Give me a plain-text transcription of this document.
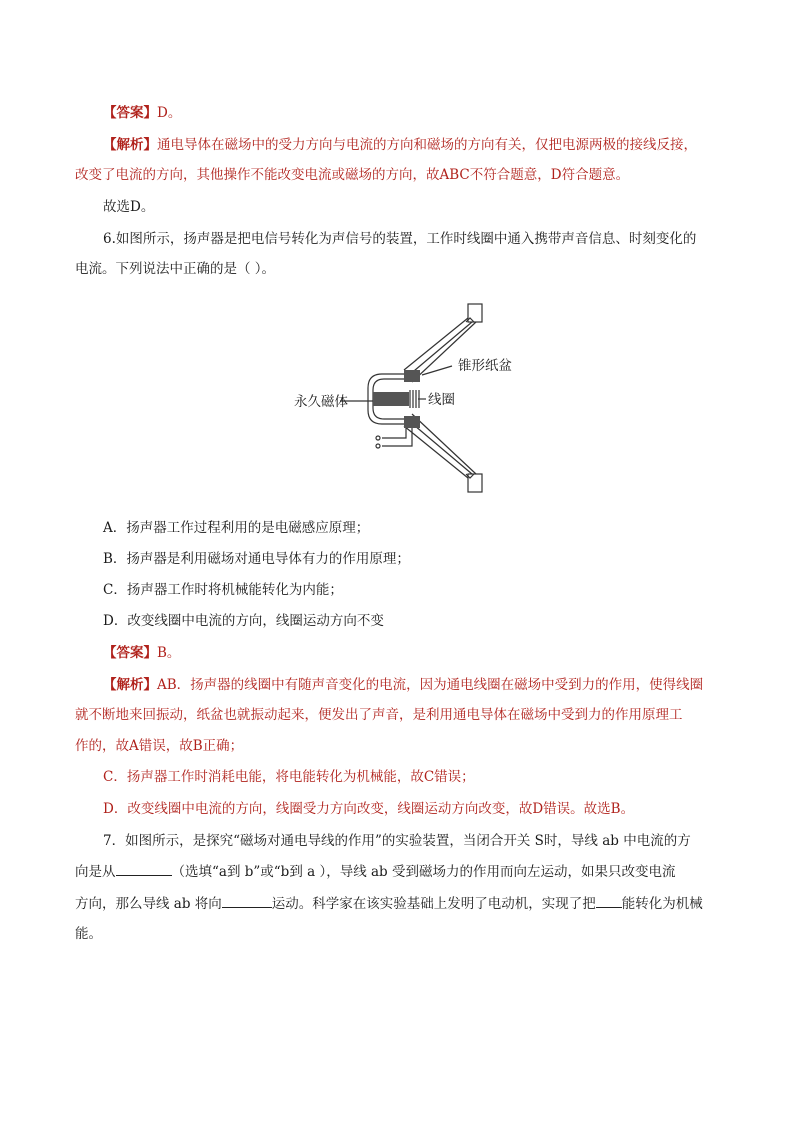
【答案】D。
【解析】通电导体在磁场中的受力方向与电流的方向和磁场的方向有关，仅把电源两极的接线反接，
改变了电流的方向，其他操作不能改变电流或磁场的方向，故ABC不符合题意，D符合题意。
故选D。
6.如图所示，扬声器是把电信号转化为声信号的装置，工作时线圈中通入携带声音信息、时刻变化的
电流。下列说法中正确的是（ ）。
锥形纸盆
永久磁体	线圈
A．扬声器工作过程利用的是电磁感应原理；
B．扬声器是利用磁场对通电导体有力的作用原理；
C．扬声器工作时将机械能转化为内能；
D．改变线圈中电流的方向，线圈运动方向不变
【答案】B。
【解析】AB．扬声器的线圈中有随声音变化的电流，因为通电线圈在磁场中受到力的作用，使得线圈
就不断地来回振动，纸盆也就振动起来，便发出了声音，是利用通电导体在磁场中受到力的作用原理工
作的，故A错误，故B正确；
C．扬声器工作时消耗电能，将电能转化为机械能，故C错误；
D．改变线圈中电流的方向，线圈受力方向改变，线圈运动方向改变，故D错误。故选B。
7．如图所示，是探究“磁场对通电导线的作用”的实验装置，当闭合开关 S时，导线 ab 中电流的方
向是从	（选填“a到 b”或“b到 a ），导线 ab 受到磁场力的作用而向左运动，如果只改变电流
方向，那么导线 ab 将向	运动。科学家在该实验基础上发明了电动机，实现了把 能转化为机械
能。
